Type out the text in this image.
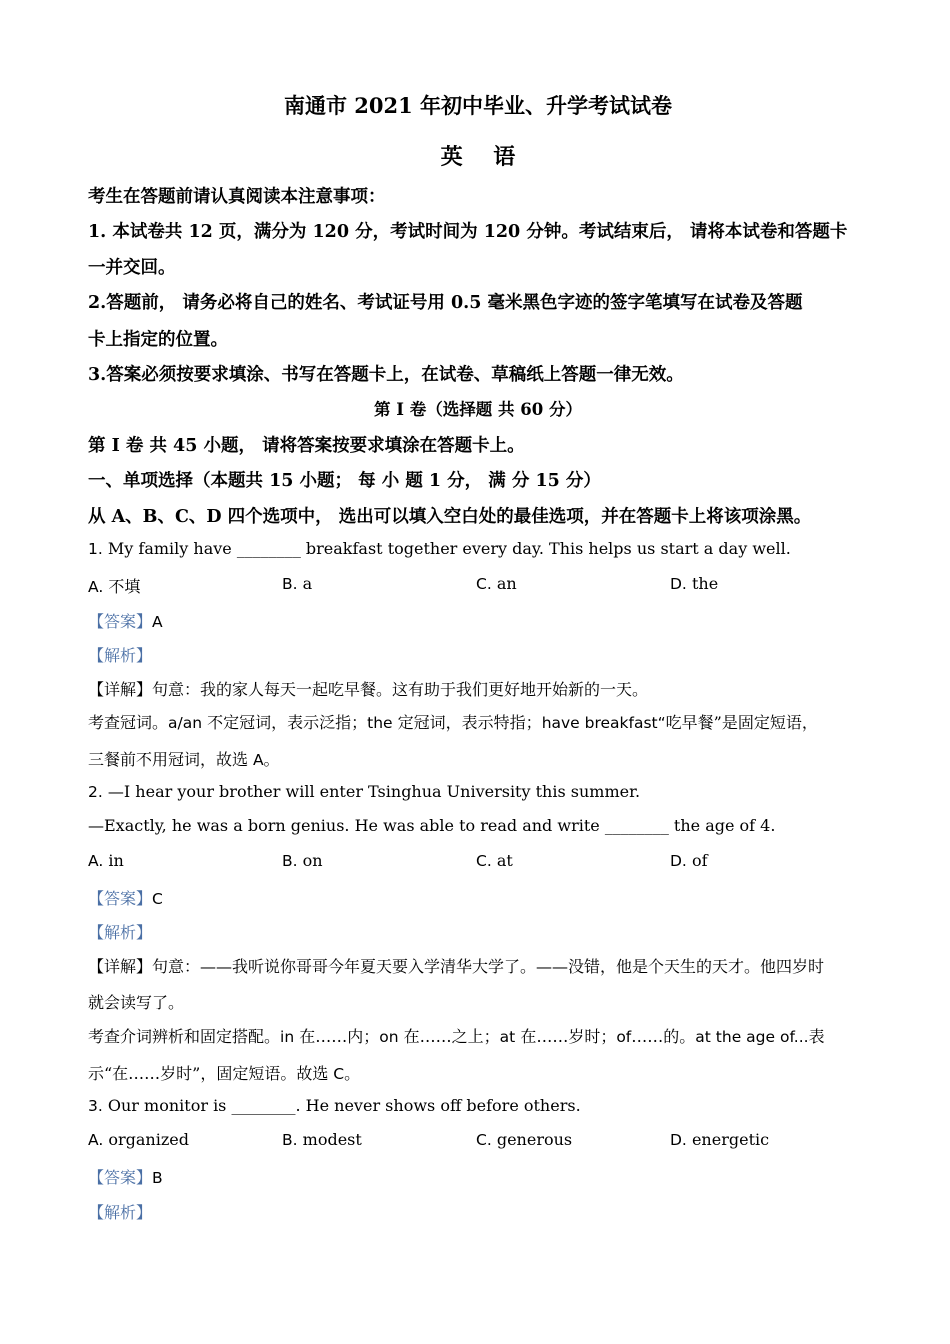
南通市 2021 年初中毕业、升学考试试卷
英    语
考生在答题前请认真阅读本注意事项：
1. 本试卷共 12 页，满分为 120 分，考试时间为 120 分钟。考试结束后， 请将本试卷和答题卡
一并交回。
2.答题前， 请务必将自己的姓名、考试证号用 0.5 毫米黑色字迹的签字笔填写在试卷及答题
卡上指定的位置。
3.答案必须按要求填涂、书写在答题卡上，在试卷、草稿纸上答题一律无效。
第 I 卷（选择题 共 60 分）
第 I 卷 共 45 小题， 请将答案按要求填涂在答题卡上。
一、单项选择（本题共 15 小题； 每 小 题 1 分， 满 分 15 分）
从 A、B、C、D 四个选项中， 选出可以填入空白处的最佳选项，并在答题卡上将该项涂黑。
1. My family have ________ breakfast together every day. This helps us start a day well.
A. 不填	B. a	C. an	D. the
【答案】A
【解析】
【详解】句意：我的家人每天一起吃早餐。这有助于我们更好地开始新的一天。
考查冠词。a/an 不定冠词，表示泛指；the 定冠词，表示特指；have breakfast“吃早餐”是固定短语，
三餐前不用冠词，故选 A。
2. —I hear your brother will enter Tsinghua University this summer.
—Exactly, he was a born genius. He was able to read and write ________ the age of 4.
A. in	B. on	C. at	D. of
【答案】C
【解析】
【详解】句意：——我听说你哥哥今年夏天要入学清华大学了。——没错，他是个天生的天才。他四岁时
就会读写了。
考查介词辨析和固定搭配。in 在……内；on 在……之上；at 在……岁时；of……的。at the age of...表
示“在……岁时”，固定短语。故选 C。
3. Our monitor is ________. He never shows off before others.
A. organized	B. modest	C. generous	D. energetic
【答案】B
【解析】
